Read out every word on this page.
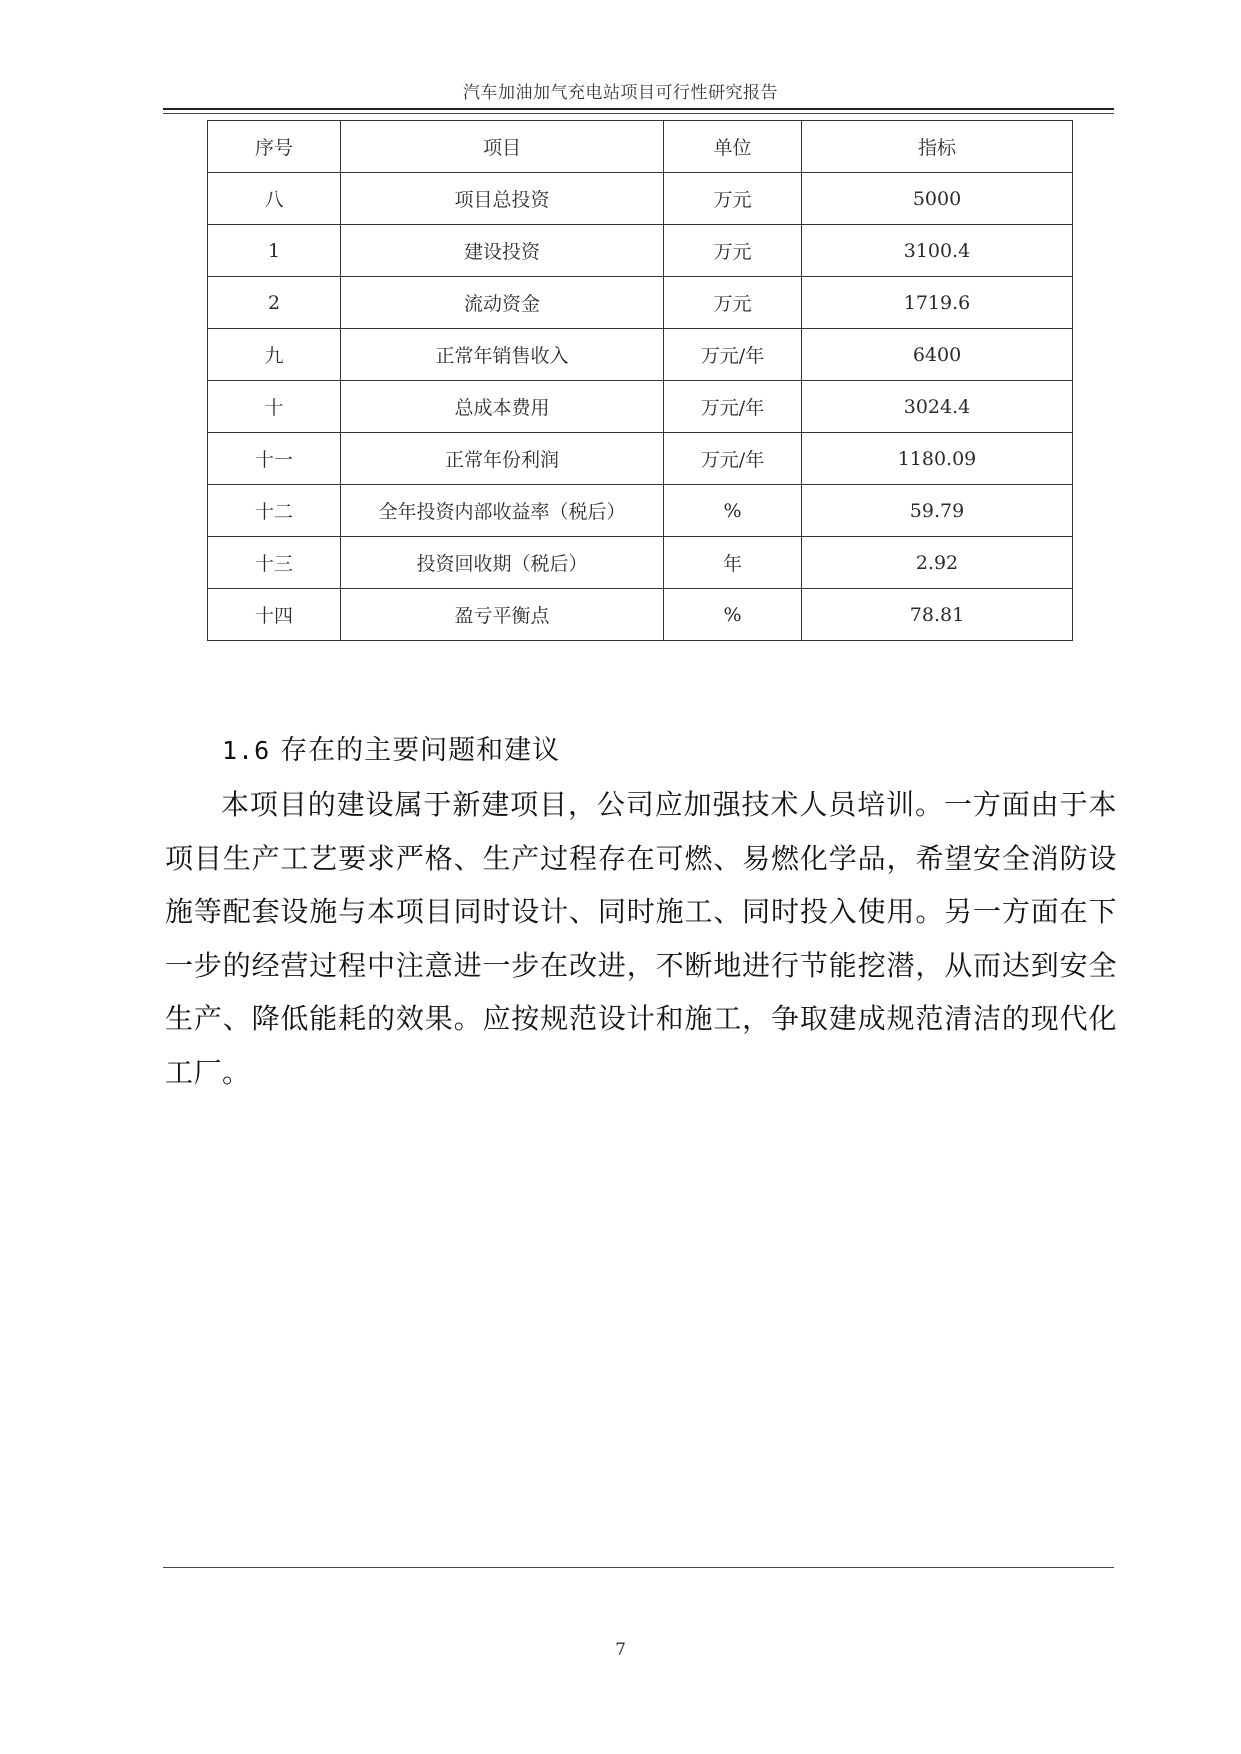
汽车加油加气充电站项目可行性研究报告
序号	项目	单位	指标
八	项目总投资	万元	5000
1	建设投资	万元	3100.4
2	流动资金	万元	1719.6
九	正常年销售收入	万元/年	6400
十	总成本费用	万元/年	3024.4
十一	正常年份利润	万元/年	1180.09
十二	全年投资内部收益率（税后）	%	59.79
十三	投资回收期（税后）	年	2.92
十四	盈亏平衡点	%	78.81
1.6 存在的主要问题和建议

本项目的建设属于新建项目，公司应加强技术人员培训。一方面由于本项目生产工艺要求严格、生产过程存在可燃、易燃化学品，希望安全消防设施等配套设施与本项目同时设计、同时施工、同时投入使用。另一方面在下一步的经营过程中注意进一步在改进，不断地进行节能挖潜，从而达到安全生产、降低能耗的效果。应按规范设计和施工，争取建成规范清洁的现代化工厂。

7
